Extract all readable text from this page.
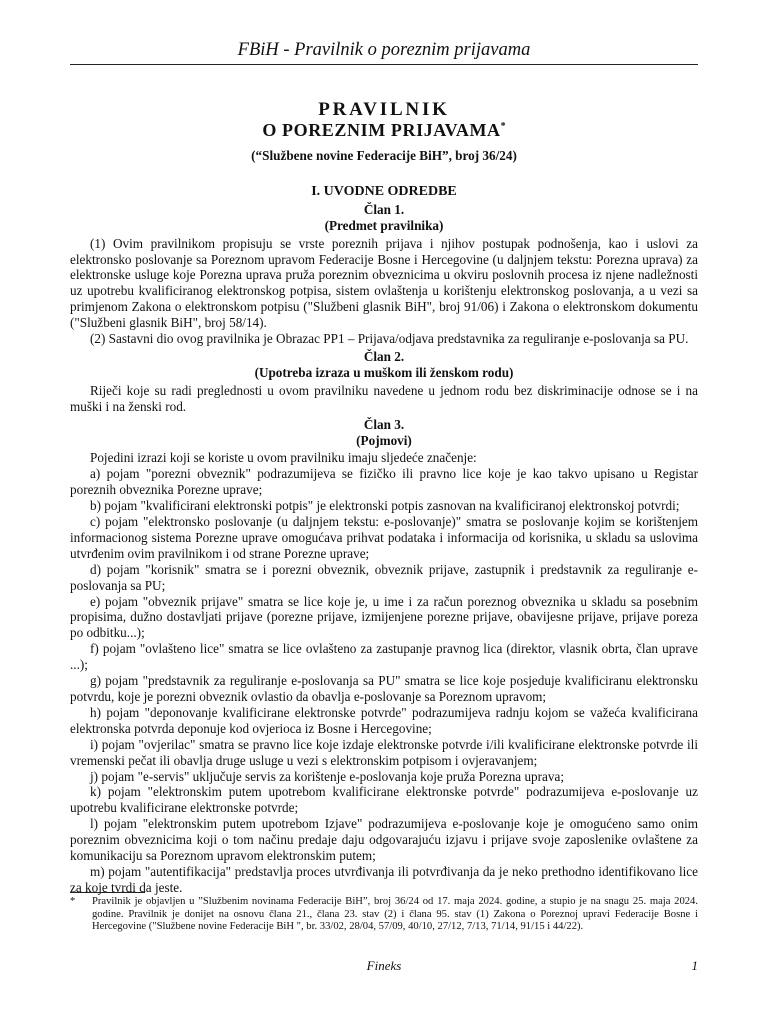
FBiH - Pravilnik o poreznim prijavama
PRAVILNIK
O POREZNIM PRIJAVAMA*
(“Službene novine Federacije BiH”, broj 36/24)
I. UVODNE ODREDBE
Član 1.
(Predmet pravilnika)

(1) Ovim pravilnikom propisuju se vrste poreznih prijava i njihov postupak podnošenja, kao i uslovi za elektronsko poslovanje sa Poreznom upravom Federacije Bosne i Hercegovine (u daljnjem tekstu: Porezna uprava) za elektronske usluge koje Porezna uprava pruža poreznim obveznicima u okviru poslovnih procesa iz njene nadležnosti uz upotrebu kvalificiranog elektronskog potpisa, sistem ovlaštenja u korištenju elektronskog poslovanja, a u vezi sa primjenom Zakona o elektronskom potpisu ("Službeni glasnik BiH", broj 91/06) i Zakona o elektronskom dokumentu ("Službeni glasnik BiH", broj 58/14).

(2) Sastavni dio ovog pravilnika je Obrazac PP1 – Prijava/odjava predstavnika za reguliranje e-poslovanja sa PU.

Član 2.
(Upotreba izraza u muškom ili ženskom rodu)

Riječi koje su radi preglednosti u ovom pravilniku navedene u jednom rodu bez diskriminacije odnose se i na muški i na ženski rod.

Član 3.
(Pojmovi)

Pojedini izrazi koji se koriste u ovom pravilniku imaju sljedeće značenje:

a) pojam "porezni obveznik" podrazumijeva se fizičko ili pravno lice koje je kao takvo upisano u Registar poreznih obveznika Porezne uprave;

b) pojam "kvalificirani elektronski potpis" je elektronski potpis zasnovan na kvalificiranoj elektronskoj potvrdi;

c) pojam "elektronsko poslovanje (u daljnjem tekstu: e-poslovanje)" smatra se poslovanje kojim se korištenjem informacionog sistema Porezne uprave omogućava prihvat podataka i informacija od korisnika, u skladu sa uslovima utvrđenim ovim pravilnikom i od strane Porezne uprave;

d) pojam "korisnik" smatra se i porezni obveznik, obveznik prijave, zastupnik i predstavnik za reguliranje e-poslovanja sa PU;

e) pojam "obveznik prijave" smatra se lice koje je, u ime i za račun poreznog obveznika u skladu sa posebnim propisima, dužno dostavljati prijave (porezne prijave, izmijenjene porezne prijave, obavijesne prijave, prijave poreza po odbitku...);

f) pojam "ovlašteno lice" smatra se lice ovlašteno za zastupanje pravnog lica (direktor, vlasnik obrta, član uprave ...);

g) pojam "predstavnik za reguliranje e-poslovanja sa PU" smatra se lice koje posjeduje kvalificiranu elektronsku potvrdu, koje je porezni obveznik ovlastio da obavlja e-poslovanje sa Poreznom upravom;

h) pojam "deponovanje kvalificirane elektronske potvrde" podrazumijeva radnju kojom se važeća kvalificirana elektronska potvrda deponuje kod ovjerioca iz Bosne i Hercegovine;

i) pojam "ovjerilac" smatra se pravno lice koje izdaje elektronske potvrde i/ili kvalificirane elektronske potvrde ili vremenski pečat ili obavlja druge usluge u vezi s elektronskim potpisom i ovjeravanjem;

j) pojam "e-servis" uključuje servis za korištenje e-poslovanja koje pruža Porezna uprava;

k) pojam "elektronskim putem upotrebom kvalificirane elektronske potvrde" podrazumijeva e-poslovanje uz upotrebu kvalificirane elektronske potvrde;

l) pojam "elektronskim putem upotrebom Izjave" podrazumijeva e-poslovanje koje je omogućeno samo onim poreznim obveznicima koji o tom načinu predaje daju odgovarajuću izjavu i prijave svoje zaposlenike ovlaštene za komunikaciju sa Poreznom upravom elektronskim putem;

m) pojam "autentifikacija" predstavlja proces utvrđivanja ili potvrđivanja da je neko prethodno identifikovano lice za koje tvrdi da jeste.

*	Pravilnik je objavljen u ”Službenim novinama Federacije BiH”, broj 36/24 od 17. maja 2024. godine, a stupio je na snagu 25. maja 2024. godine. Pravilnik je donijet na osnovu člana 21., člana 23. stav (2) i člana 95. stav (1) Zakona o Poreznoj upravi Federacije Bosne i Hercegovine ("Službene novine Federacije BiH ", br. 33/02, 28/04, 57/09, 40/10, 27/12, 7/13, 71/14, 91/15 i 44/22).
Fineks	1
